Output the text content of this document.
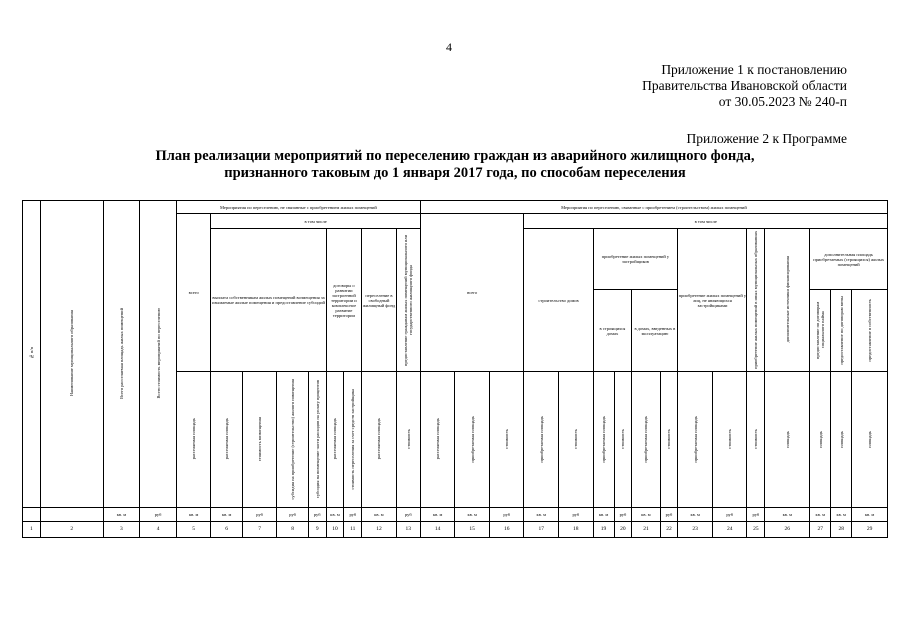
4
Приложение 1 к постановлению
Правительства Ивановской области
от 30.05.2023 № 240-п
Приложение 2 к Программе
План реализации мероприятий по переселению граждан из аварийного жилищного фонда,
признанного таковым до 1 января 2017 года, по способам переселения
№ п/п	Наименование муниципального образования	Всего расселяемая площадь жилых помещений	Всего стоимость мероприятий по переселению	Мероприятия по переселению, не связанные с приобретением жилых помещений									Мероприятия по переселению, связанные с приобретением (строительством) жилых помещений															
				всего	в том числе								всего			в том числе												
					выплата собственникам жилых помещений возмещения за изымаемые жилые помещения и предоставление субсидий				договоры о развитии застроенной территории и комплексное развитие территории		переселение в свободный жилищный фонд	предоставление гражданам жилых помещений муниципального или государственного жилищного фонда				строительство домов		приобретение жилых помещений у застройщиков				приобретение жилых помещений у лиц, не являющихся застройщиками		приобретение жилых помещений в иных муниципальных образованиях	дополнительные источники финансирования	дополнительная площадь приобретаемых (строящихся) жилых помещений		
																		в строящихся домах		в домах, введенных в эксплуатацию						предоставление по договорам социального найма	предоставление по договорам мены	предоставление в собственность
				расселяемая площадь	расселяемая площадь	стоимость возмещения	субсидия на приобретение (строительство) жилого помещения	субсидия на возмещение части расходов на уплату процентов	расселяемая площадь	стоимость переселения за счет средств застройщика	расселяемая площадь	стоимость	расселяемая площадь	приобретаемая площадь	стоимость	приобретаемая площадь	стоимость	приобретаемая площадь	стоимость	приобретаемая площадь	стоимость	приобретаемая площадь	стоимость	стоимость	площадь	площадь	площадь	площадь
		кв. м	руб	кв. м	кв. м	руб	руб	руб	кв. м	руб	кв. м	руб	кв. м	кв. м	руб	кв. м	руб	кв. м	руб	кв. м	руб	кв. м	руб	руб	кв. м	кв. м	кв. м	кв. м
1	2	3	4	5	6	7	8	9	10	11	12	13	14	15	16	17	18	19	20	21	22	23	24	25	26	27	28	29
